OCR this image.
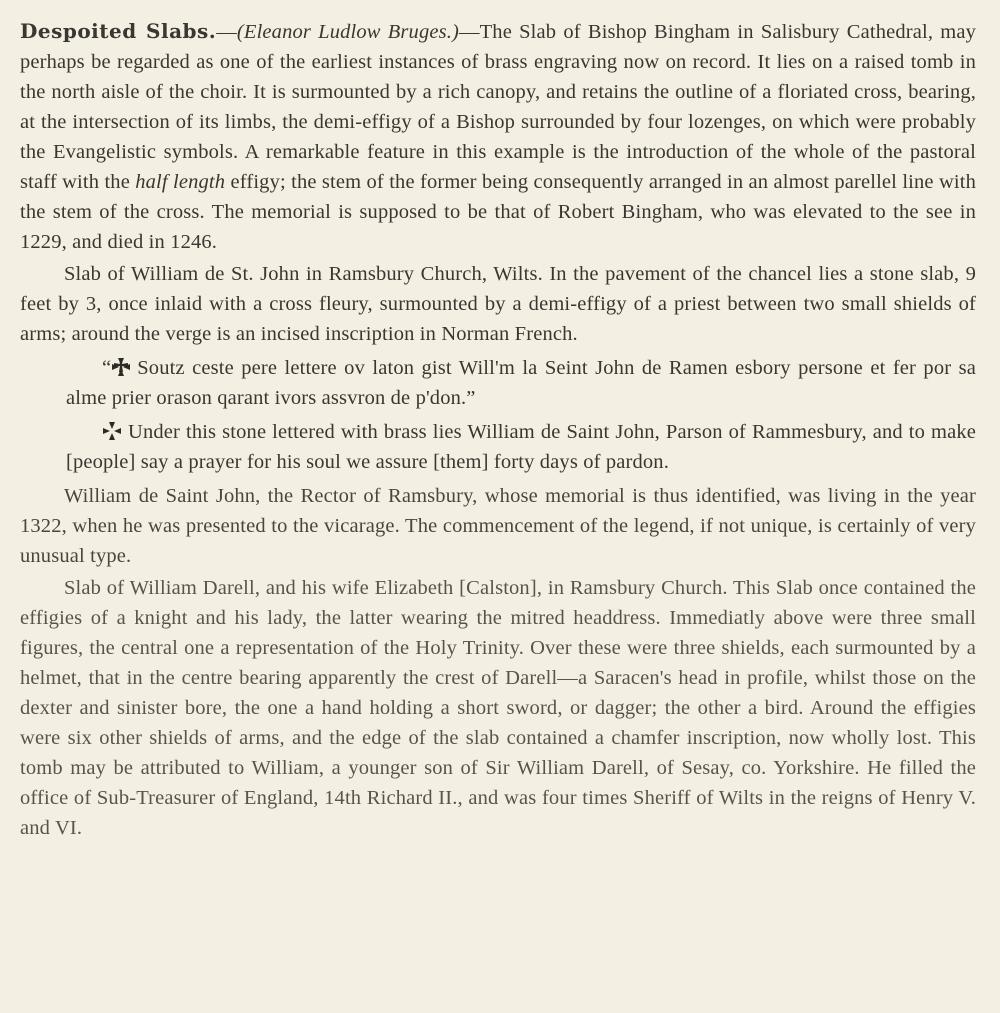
Despoited Slabs.—(Eleanor Ludlow Bruges.)—The Slab of Bishop Bingham in Salisbury Cathedral, may perhaps be regarded as one of the earliest instances of brass engraving now on record. It lies on a raised tomb in the north aisle of the choir. It is surmounted by a rich canopy, and retains the outline of a floriated cross, bearing, at the intersection of its limbs, the demi-effigy of a Bishop surrounded by four lozenges, on which were probably the Evangelistic symbols. A remarkable feature in this example is the introduction of the whole of the pastoral staff with the half length effigy; the stem of the former being consequently arranged in an almost parellel line with the stem of the cross. The memorial is supposed to be that of Robert Bingham, who was elevated to the see in 1229, and died in 1246.

Slab of William de St. John in Ramsbury Church, Wilts. In the pavement of the chancel lies a stone slab, 9 feet by 3, once inlaid with a cross fleury, surmounted by a demi-effigy of a priest between two small shields of arms; around the verge is an incised inscription in Norman French.

“ Soutz ceste pere lettere ov laton gist Will'm la Seint John de Ramen esbory persone et fer por sa alme prier orason qarant ivors assvron de p'don.”

Under this stone lettered with brass lies William de Saint John, Parson of Rammesbury, and to make [people] say a prayer for his soul we assure [them] forty days of pardon.

William de Saint John, the Rector of Ramsbury, whose memorial is thus identified, was living in the year 1322, when he was presented to the vicarage. The commencement of the legend, if not unique, is certainly of very unusual type.

Slab of William Darell, and his wife Elizabeth [Calston], in Ramsbury Church. This Slab once contained the effigies of a knight and his lady, the latter wearing the mitred headdress. Immediatly above were three small figures, the central one a representation of the Holy Trinity. Over these were three shields, each surmounted by a helmet, that in the centre bearing apparently the crest of Darell—a Saracen's head in profile, whilst those on the dexter and sinister bore, the one a hand holding a short sword, or dagger; the other a bird. Around the effigies were six other shields of arms, and the edge of the slab contained a chamfer inscription, now wholly lost. This tomb may be attributed to William, a younger son of Sir William Darell, of Sesay, co. Yorkshire. He filled the office of Sub-Treasurer of England, 14th Richard II., and was four times Sheriff of Wilts in the reigns of Henry V. and VI.
